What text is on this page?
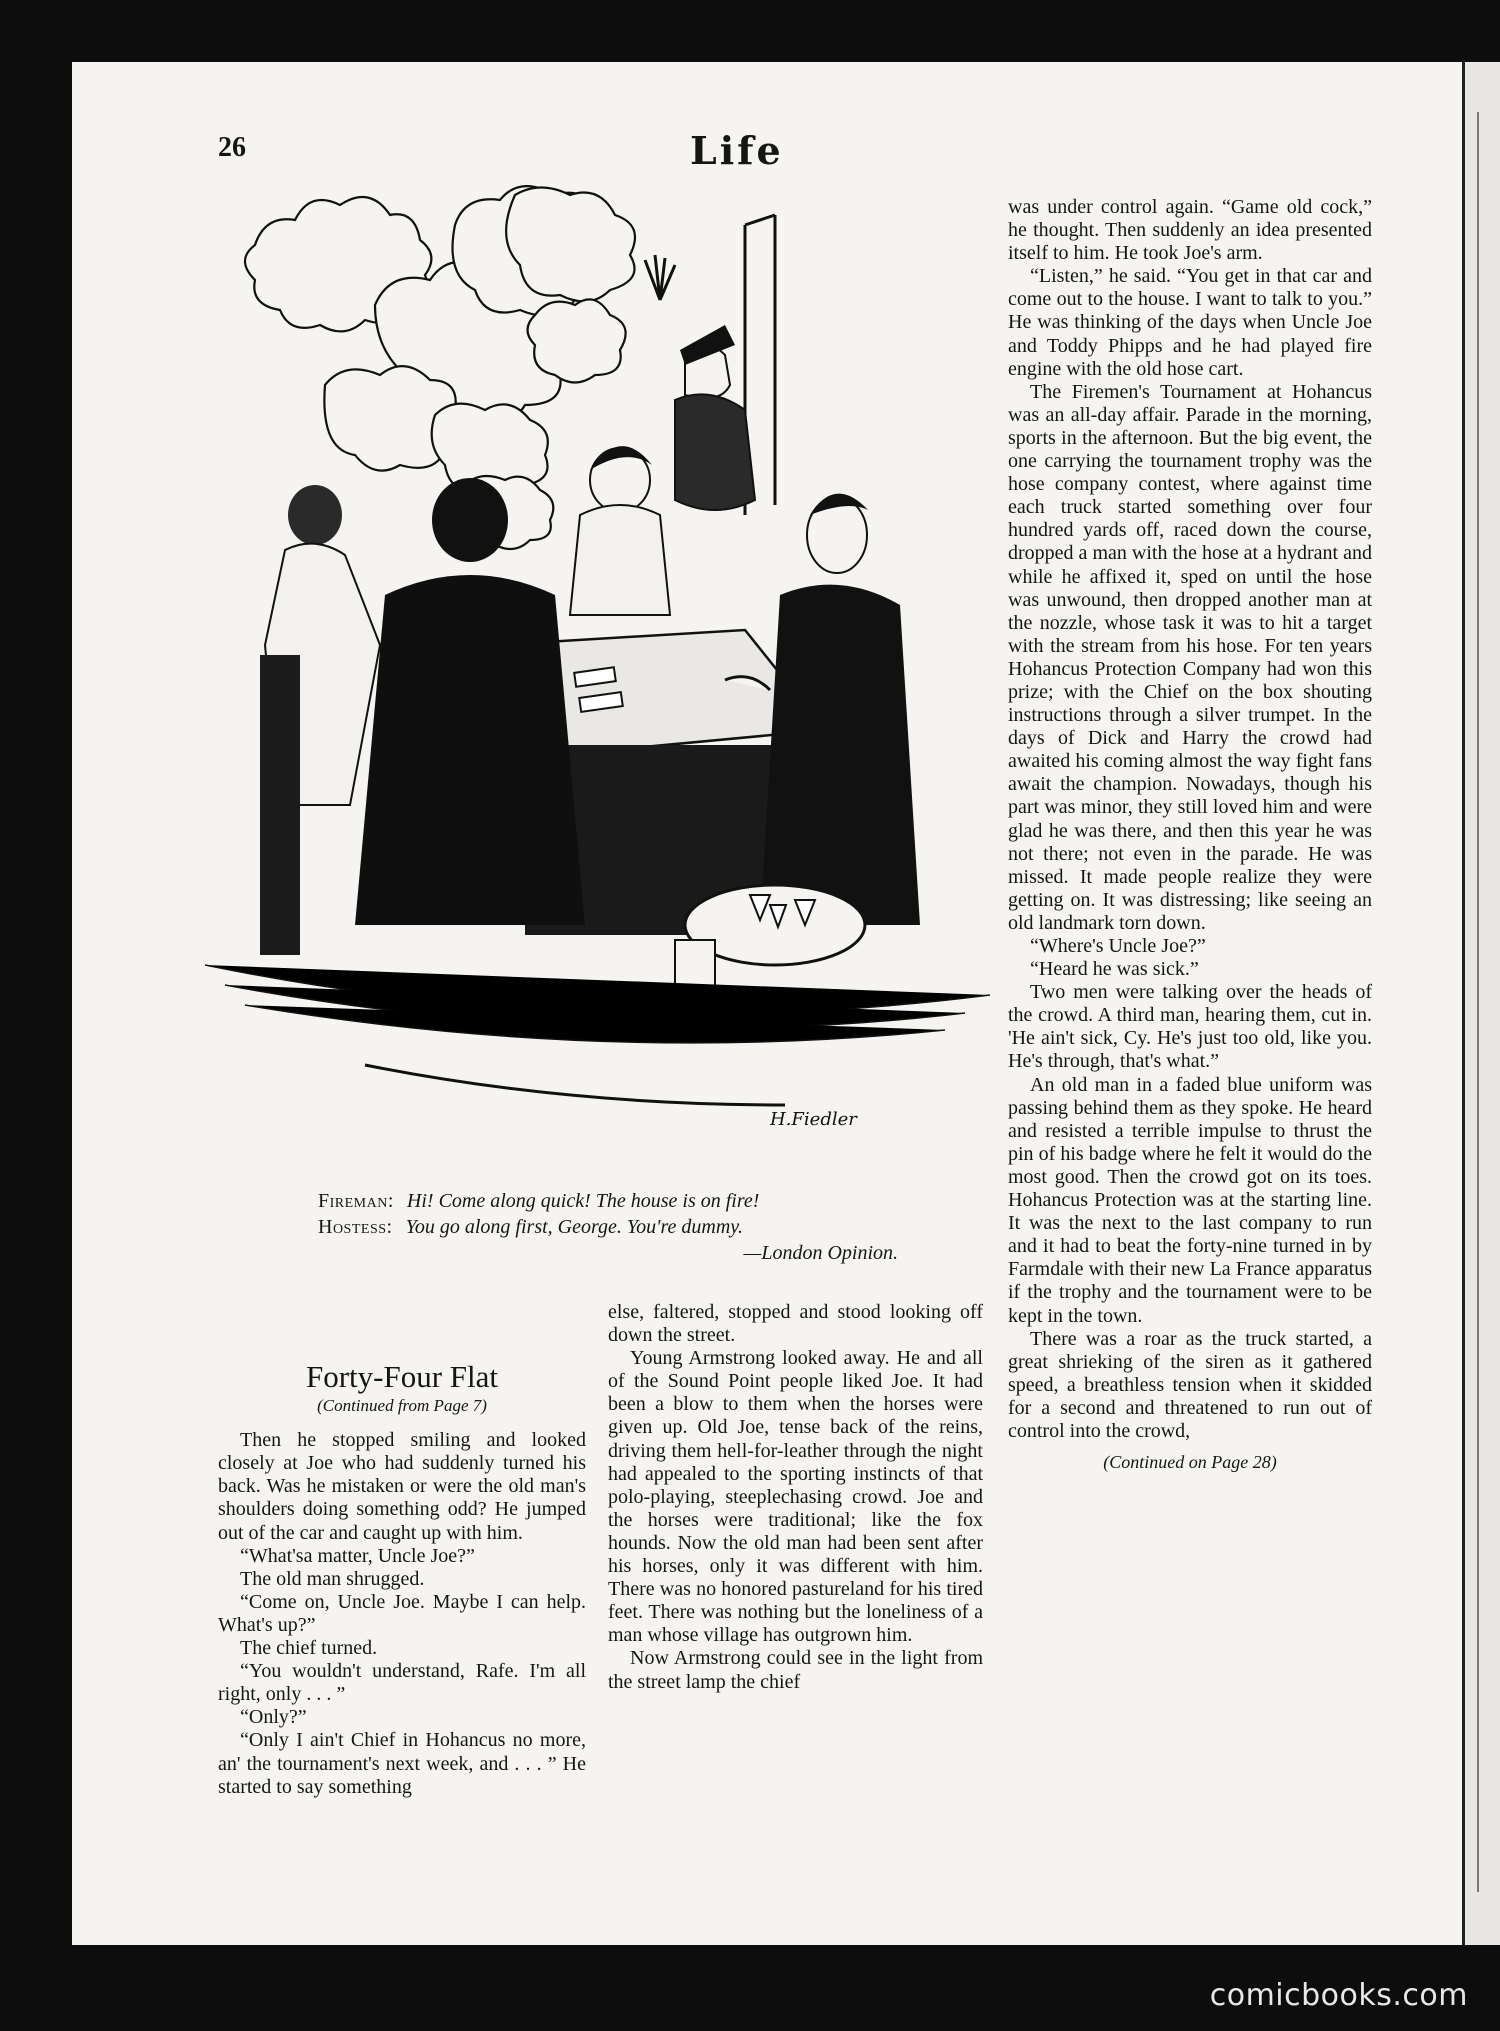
26	Life
H.Fiedler
Fireman: Hi! Come along quick! The house is on fire!
Hostess: You go along first, George. You're dummy.
—London Opinion.
Forty-Four Flat
(Continued from Page 7)

Then he stopped smiling and looked closely at Joe who had suddenly turned his back. Was he mistaken or were the old man's shoulders doing something odd? He jumped out of the car and caught up with him.

“What'sa matter, Uncle Joe?”

The old man shrugged.

“Come on, Uncle Joe. Maybe I can help. What's up?”

The chief turned.

“You wouldn't understand, Rafe. I'm all right, only . . . ”

“Only?”

“Only I ain't Chief in Hohancus no more, an' the tournament's next week, and . . . ” He started to say something

else, faltered, stopped and stood looking off down the street.

Young Armstrong looked away. He and all of the Sound Point people liked Joe. It had been a blow to them when the horses were given up. Old Joe, tense back of the reins, driving them hell-for-leather through the night had appealed to the sporting instincts of that polo-playing, steeplechasing crowd. Joe and the horses were traditional; like the fox hounds. Now the old man had been sent after his horses, only it was different with him. There was no honored pastureland for his tired feet. There was nothing but the loneliness of a man whose village has outgrown him.

Now Armstrong could see in the light from the street lamp the chief

was under control again. “Game old cock,” he thought. Then suddenly an idea presented itself to him. He took Joe's arm.

“Listen,” he said. “You get in that car and come out to the house. I want to talk to you.” He was thinking of the days when Uncle Joe and Toddy Phipps and he had played fire engine with the old hose cart.

The Firemen's Tournament at Hohancus was an all-day affair. Parade in the morning, sports in the afternoon. But the big event, the one carrying the tournament trophy was the hose company contest, where against time each truck started something over four hundred yards off, raced down the course, dropped a man with the hose at a hydrant and while he affixed it, sped on until the hose was unwound, then dropped another man at the nozzle, whose task it was to hit a target with the stream from his hose. For ten years Hohancus Protection Company had won this prize; with the Chief on the box shouting instructions through a silver trumpet. In the days of Dick and Harry the crowd had awaited his coming almost the way fight fans await the champion. Nowadays, though his part was minor, they still loved him and were glad he was there, and then this year he was not there; not even in the parade. He was missed. It made people realize they were getting on. It was distressing; like seeing an old landmark torn down.

“Where's Uncle Joe?”

“Heard he was sick.”

Two men were talking over the heads of the crowd. A third man, hearing them, cut in. 'He ain't sick, Cy. He's just too old, like you. He's through, that's what.”

An old man in a faded blue uniform was passing behind them as they spoke. He heard and resisted a terrible impulse to thrust the pin of his badge where he felt it would do the most good. Then the crowd got on its toes. Hohancus Protection was at the starting line. It was the next to the last company to run and it had to beat the forty-nine turned in by Farmdale with their new La France apparatus if the trophy and the tournament were to be kept in the town.

There was a roar as the truck started, a great shrieking of the siren as it gathered speed, a breathless tension when it skidded for a second and threatened to run out of control into the crowd,

(Continued on Page 28)
comicbooks.com
